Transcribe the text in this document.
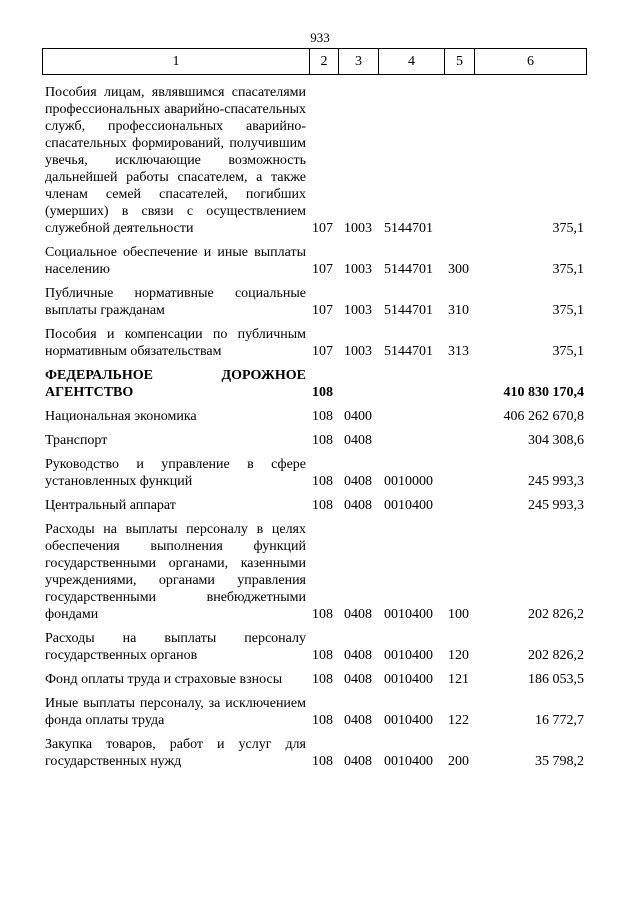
933
1	2	3	4	5	6
Пособия лицам, являвшимся спасателями профессиональных аварийно-спасательных служб, профессиональных аварийно-спасательных формирований, получившим увечья, исключающие возможность дальнейшей работы спасателем, а также членам семей спасателей, погибших (умерших) в связи с осуществлением служебной деятельности	107	1003	5144701		375,1

Социальное обеспечение и иные выплаты населению	107	1003	5144701	300	375,1

Публичные нормативные социальные выплаты гражданам	107	1003	5144701	310	375,1

Пособия и компенсации по публичным нормативным обязательствам	107	1003	5144701	313	375,1

ФЕДЕРАЛЬНОЕ ДОРОЖНОЕ АГЕНТСТВО	108				410 830 170,4

Национальная экономика	108	0400			406 262 670,8

Транспорт	108	0408			304 308,6

Руководство и управление в сфере установленных функций	108	0408	0010000		245 993,3

Центральный аппарат	108	0408	0010400		245 993,3

Расходы на выплаты персоналу в целях обеспечения выполнения функций государственными органами, казенными учреждениями, органами управления государственными внебюджетными фондами	108	0408	0010400	100	202 826,2

Расходы на выплаты персоналу государственных органов	108	0408	0010400	120	202 826,2

Фонд оплаты труда и страховые взносы	108	0408	0010400	121	186 053,5

Иные выплаты персоналу, за исключением фонда оплаты труда	108	0408	0010400	122	16 772,7

Закупка товаров, работ и услуг для государственных нужд	108	0408	0010400	200	35 798,2
